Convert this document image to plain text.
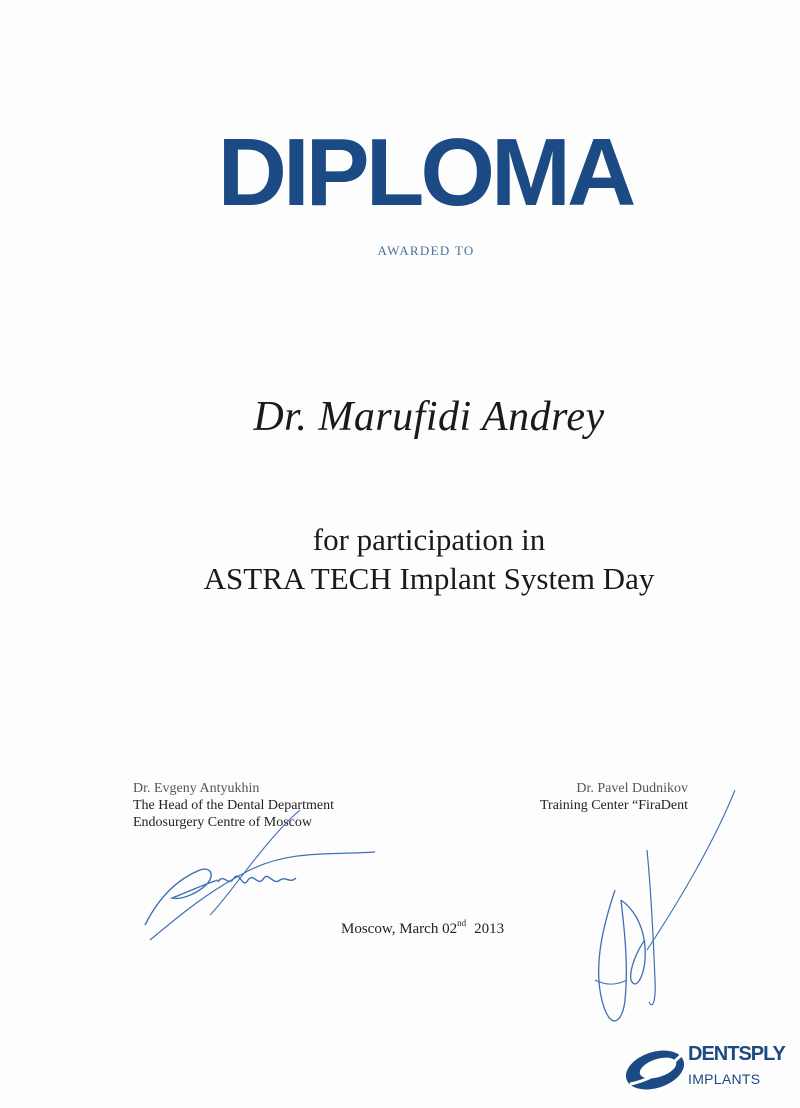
DIPLOMA
AWARDED TO
Dr. Marufidi Andrey
for participation in
ASTRA TECH Implant System Day
Dr. Evgeny Antyukhin
The Head of the Dental Department
Endosurgery Centre of Moscow
Dr. Pavel Dudnikov
Training Center “FiraDent
Moscow, March 02nd 2013
DENTSPLY
IMPLANTS
